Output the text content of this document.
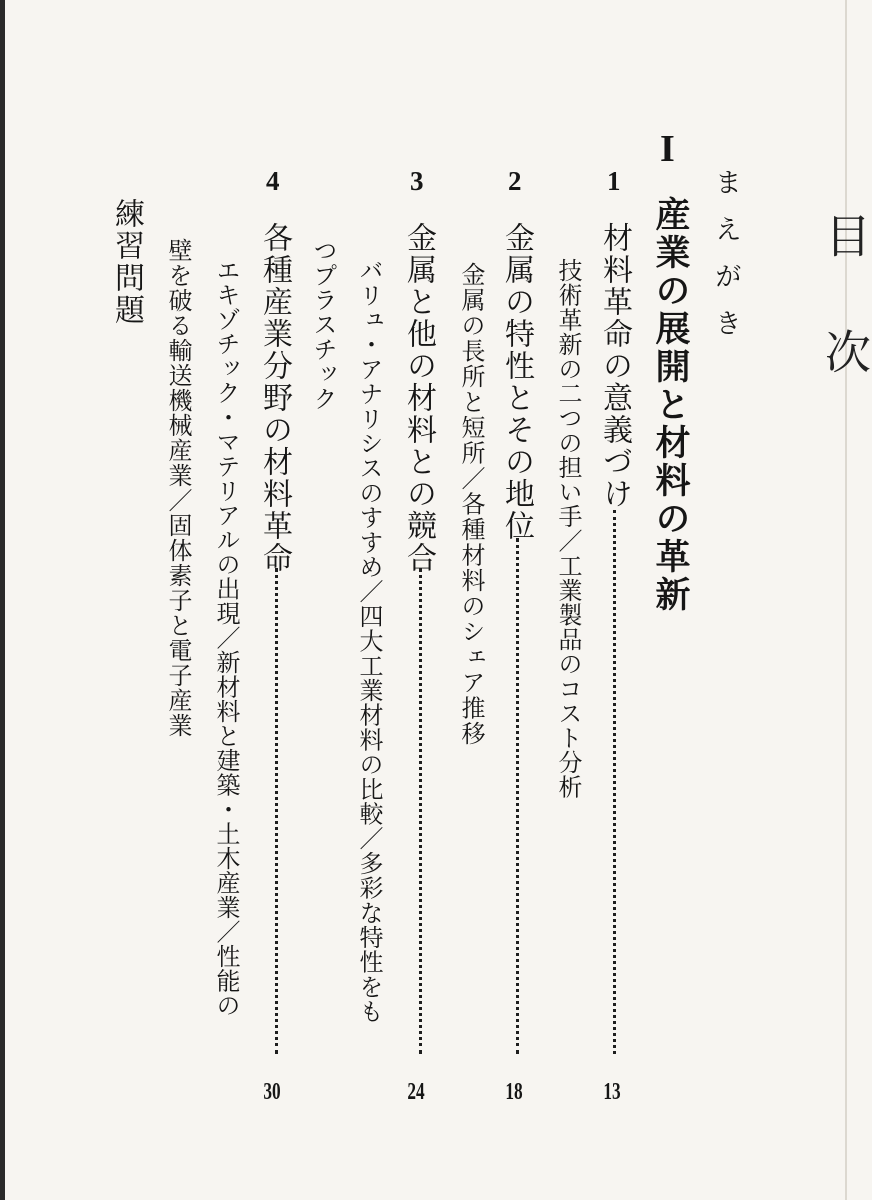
目次
まえがき
I
産業の展開と材料の革新
1
材料革命の意義づけ
13
技術革新の二つの担い手／工業製品のコスト分析
2
金属の特性とその地位
18
金属の長所と短所／各種材料のシェア推移
3
金属と他の材料との競合
24
バリュ・アナリシスのすすめ／四大工業材料の比較／多彩な特性をも
つプラスチック
4
各種産業分野の材料革命
30
エキゾチック・マテリアルの出現／新材料と建築・土木産業／性能の
壁を破る輸送機械産業／固体素子と電子産業
練習問題
